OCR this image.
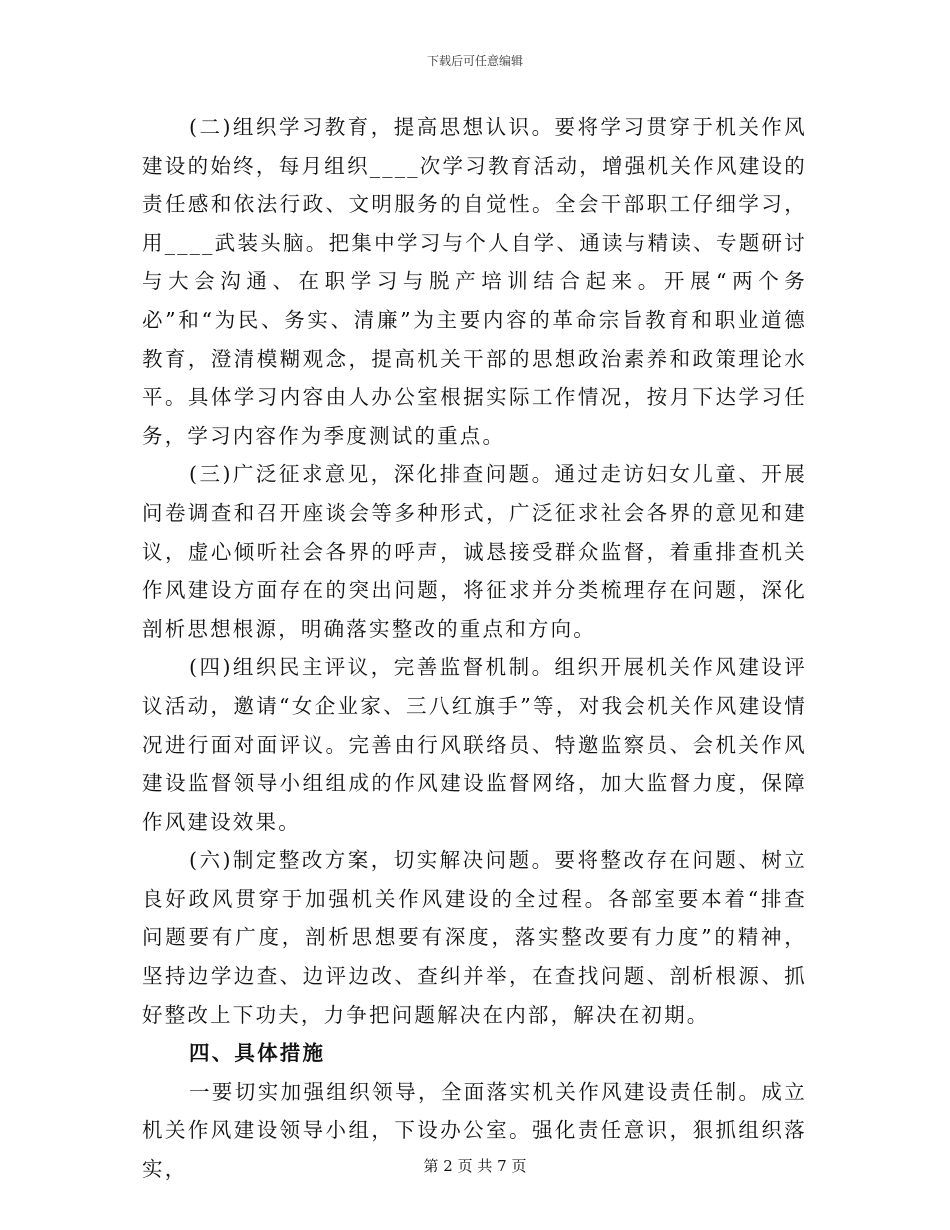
下载后可任意编辑

(二)组织学习教育，提高思想认识。要将学习贯穿于机关作风建设的始终，每月组织____次学习教育活动，增强机关作风建设的责任感和依法行政、文明服务的自觉性。全会干部职工仔细学习，用____武装头脑。把集中学习与个人自学、通读与精读、专题研讨与大会沟通、在职学习与脱产培训结合起来。开展“两个务必”和“为民、务实、清廉”为主要内容的革命宗旨教育和职业道德教育，澄清模糊观念，提高机关干部的思想政治素养和政策理论水平。具体学习内容由人办公室根据实际工作情况，按月下达学习任务，学习内容作为季度测试的重点。

(三)广泛征求意见，深化排查问题。通过走访妇女儿童、开展问卷调查和召开座谈会等多种形式，广泛征求社会各界的意见和建议，虚心倾听社会各界的呼声，诚恳接受群众监督，着重排查机关作风建设方面存在的突出问题，将征求并分类梳理存在问题，深化剖析思想根源，明确落实整改的重点和方向。

(四)组织民主评议，完善监督机制。组织开展机关作风建设评议活动，邀请“女企业家、三八红旗手”等，对我会机关作风建设情况进行面对面评议。完善由行风联络员、特邀监察员、会机关作风建设监督领导小组组成的作风建设监督网络，加大监督力度，保障作风建设效果。

(六)制定整改方案，切实解决问题。要将整改存在问题、树立良好政风贯穿于加强机关作风建设的全过程。各部室要本着“排查问题要有广度，剖析思想要有深度，落实整改要有力度”的精神，坚持边学边查、边评边改、查纠并举，在查找问题、剖析根源、抓好整改上下功夫，力争把问题解决在内部，解决在初期。

四、具体措施

一要切实加强组织领导，全面落实机关作风建设责任制。成立机关作风建设领导小组，下设办公室。强化责任意识，狠抓组织落实，	第 2 页 共 7 页
